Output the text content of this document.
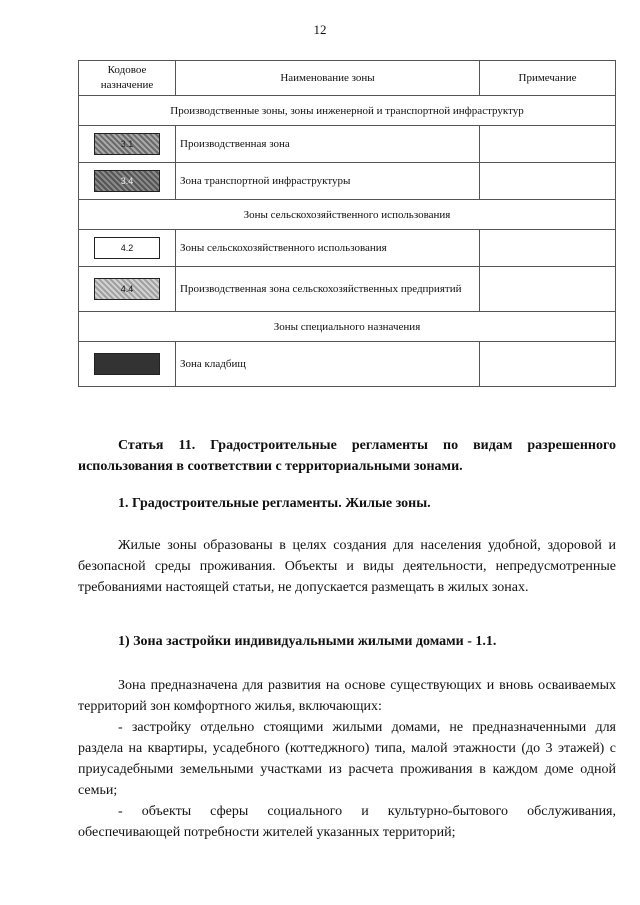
12
Кодовое назначение	Наименование зоны	Примечание
Производственные зоны, зоны инженерной и транспортной инфраструктур		
3.1	Производственная зона	
3.4	Зона транспортной инфраструктуры	
Зоны сельскохозяйственного использования		
4.2	Зоны сельскохозяйственного использования	
4.4	Производственная зона сельскохозяйственных предприятий	
Зоны специального назначения		
	Зона кладбищ	
Статья 11. Градостроительные регламенты по видам разрешенного использования в соответствии с территориальными зонами.
1. Градостроительные регламенты. Жилые зоны.
Жилые зоны образованы в целях создания для населения удобной, здоровой и безопасной среды проживания. Объекты и виды деятельности, непредусмотренные требованиями настоящей статьи, не допускается размещать в жилых зонах.
1) Зона застройки индивидуальными жилыми домами - 1.1.
Зона предназначена для развития на основе существующих и вновь осваиваемых территорий зон комфортного жилья, включающих:
- застройку отдельно стоящими жилыми домами, не предназначенными для раздела на квартиры, усадебного (коттеджного) типа, малой этажности (до 3 этажей) с приусадебными земельными участками из расчета проживания в каждом доме одной семьи;
- объекты сферы социального и культурно-бытового обслуживания, обеспечивающей потребности жителей указанных территорий;
